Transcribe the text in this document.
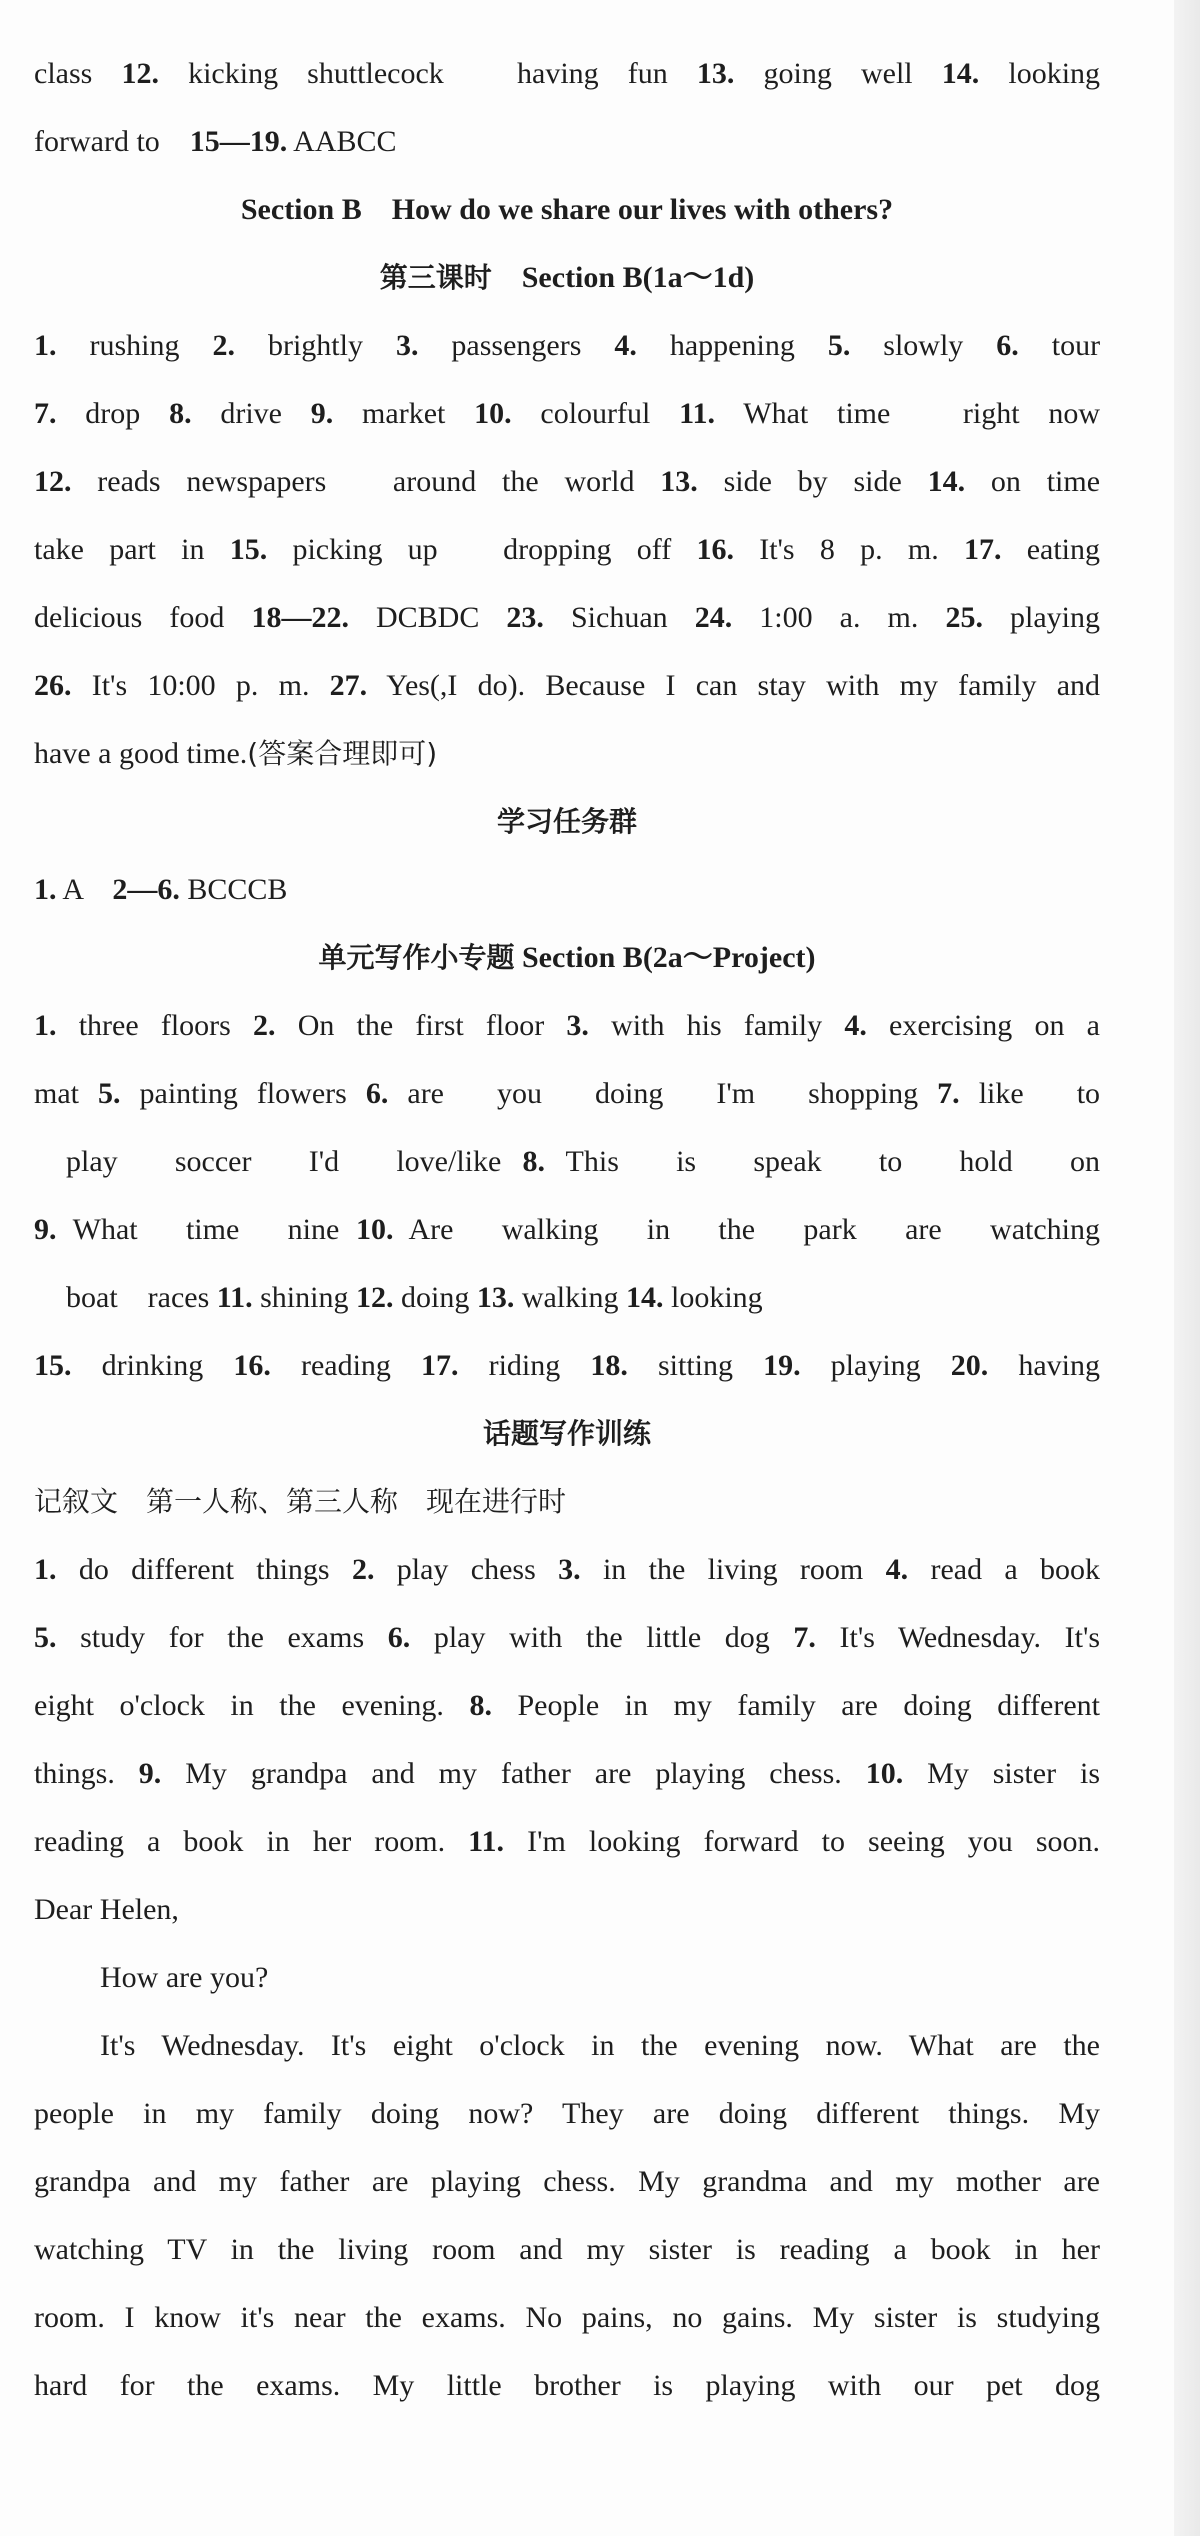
class 12. kicking shuttlecock　having fun 13. going well 14. looking
forward to　 15—19. AABCC
Section B　How do we share our lives with others?
第三课时　 Section B(1a～1d)
1. rushing 2. brightly 3. passengers 4. happening 5. slowly 6. tour
7. drop 8. drive 9. market 10. colourful 11. What time　right now
12. reads newspapers　around the world 13. side by side 14. on time
take part in 15. picking up　dropping off 16. It's 8 p. m. 17. eating
delicious food 18—22. DCBDC 23. Sichuan 24. 1:00 a. m. 25. playing
26. It's 10:00 p. m. 27. Yes(,I do). Because I can stay with my family and
have a good time.(答案合理即可)
学习任务群
1. A　 2—6. BCCCB
单元写作小专题 Section B(2a～Project)
1. three floors 2. On the first floor 3. with his family 4. exercising on a
mat 5. painting flowers 6. are　you　doing　I'm　shopping 7. like　to
play　soccer　I'd　love/like 8. This　is　speak　to　hold　on
9. What　time　nine 10. Are　walking　in　the　park　are　watching
boat　races 11. shining 12. doing 13. walking 14. looking
15. drinking 16. reading 17. riding 18. sitting 19. playing 20. having
话题写作训练
记叙文　第一人称、第三人称　现在进行时
1. do different things 2. play chess 3. in the living room 4. read a book
5. study for the exams 6. play with the little dog 7. It's Wednesday. It's
eight o'clock in the evening. 8. People in my family are doing different
things. 9. My grandpa and my father are playing chess. 10. My sister is
reading a book in her room. 11. I'm looking forward to seeing you soon.
Dear Helen,
How are you?
It's Wednesday. It's eight o'clock in the evening now. What are the
people in my family doing now? They are doing different things. My
grandpa and my father are playing chess. My grandma and my mother are
watching TV in the living room and my sister is reading a book in her
room. I know it's near the exams. No pains, no gains. My sister is studying
hard for the exams. My little brother is playing with our pet dog
